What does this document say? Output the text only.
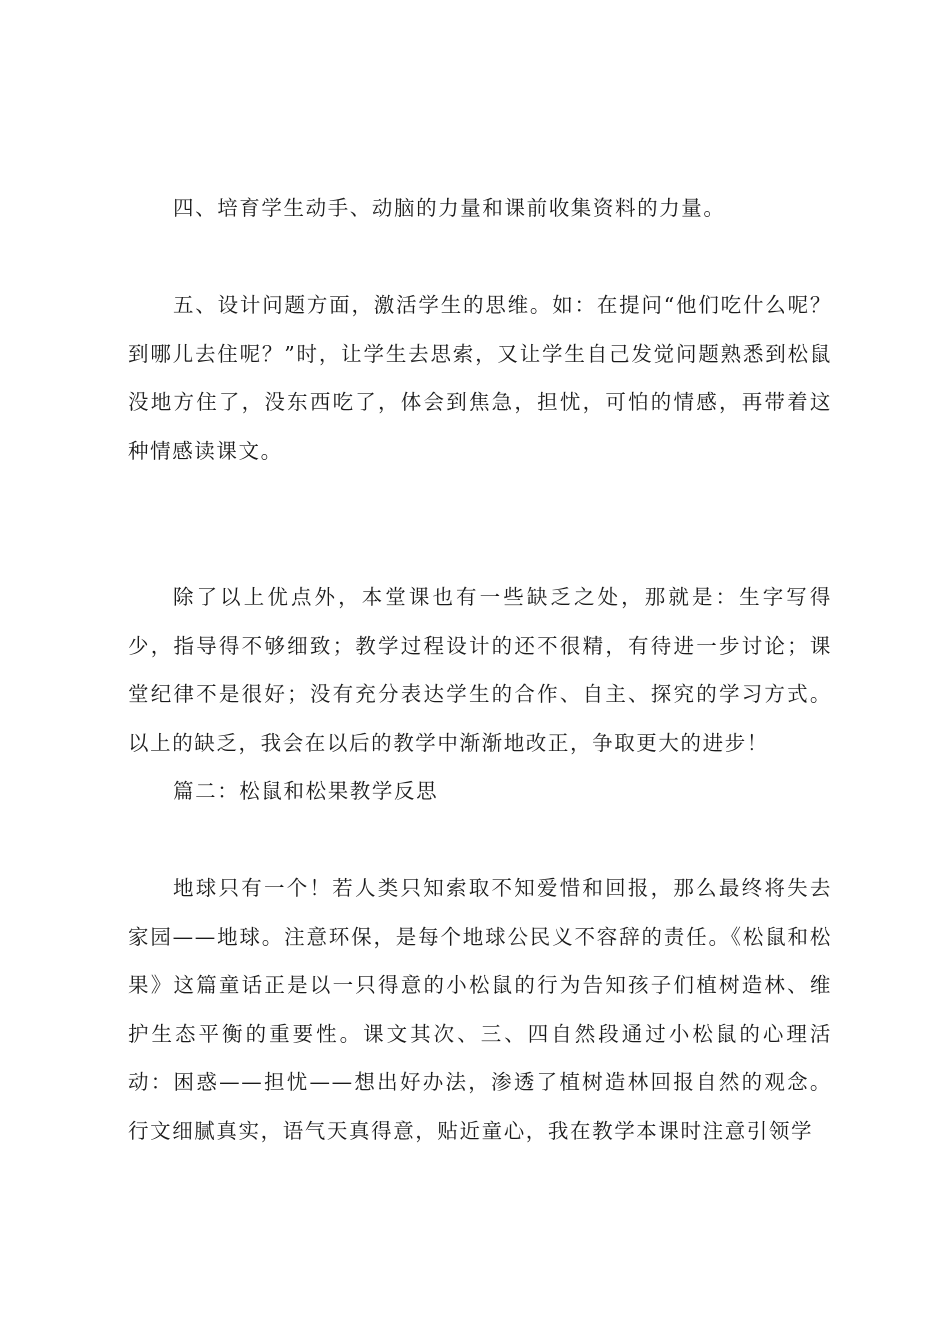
四、培育学生动手、动脑的力量和课前收集资料的力量。

五、设计问题方面，激活学生的思维。如：在提问“他们吃什么呢？到哪儿去住呢？”时，让学生去思索，又让学生自己发觉问题熟悉到松鼠没地方住了，没东西吃了，体会到焦急，担忧，可怕的情感，再带着这种情感读课文。

除了以上优点外，本堂课也有一些缺乏之处，那就是：生字写得少，指导得不够细致；教学过程设计的还不很精，有待进一步讨论；课堂纪律不是很好；没有充分表达学生的合作、自主、探究的学习方式。以上的缺乏，我会在以后的教学中渐渐地改正，争取更大的进步！

篇二：松鼠和松果教学反思

地球只有一个！若人类只知索取不知爱惜和回报，那么最终将失去家园——地球。注意环保，是每个地球公民义不容辞的责任。《松鼠和松果》这篇童话正是以一只得意的小松鼠的行为告知孩子们植树造林、维护生态平衡的重要性。课文其次、三、四自然段通过小松鼠的心理活动：困惑——担忧——想出好办法，渗透了植树造林回报自然的观念。行文细腻真实，语气天真得意，贴近童心，我在教学本课时注意引领学
